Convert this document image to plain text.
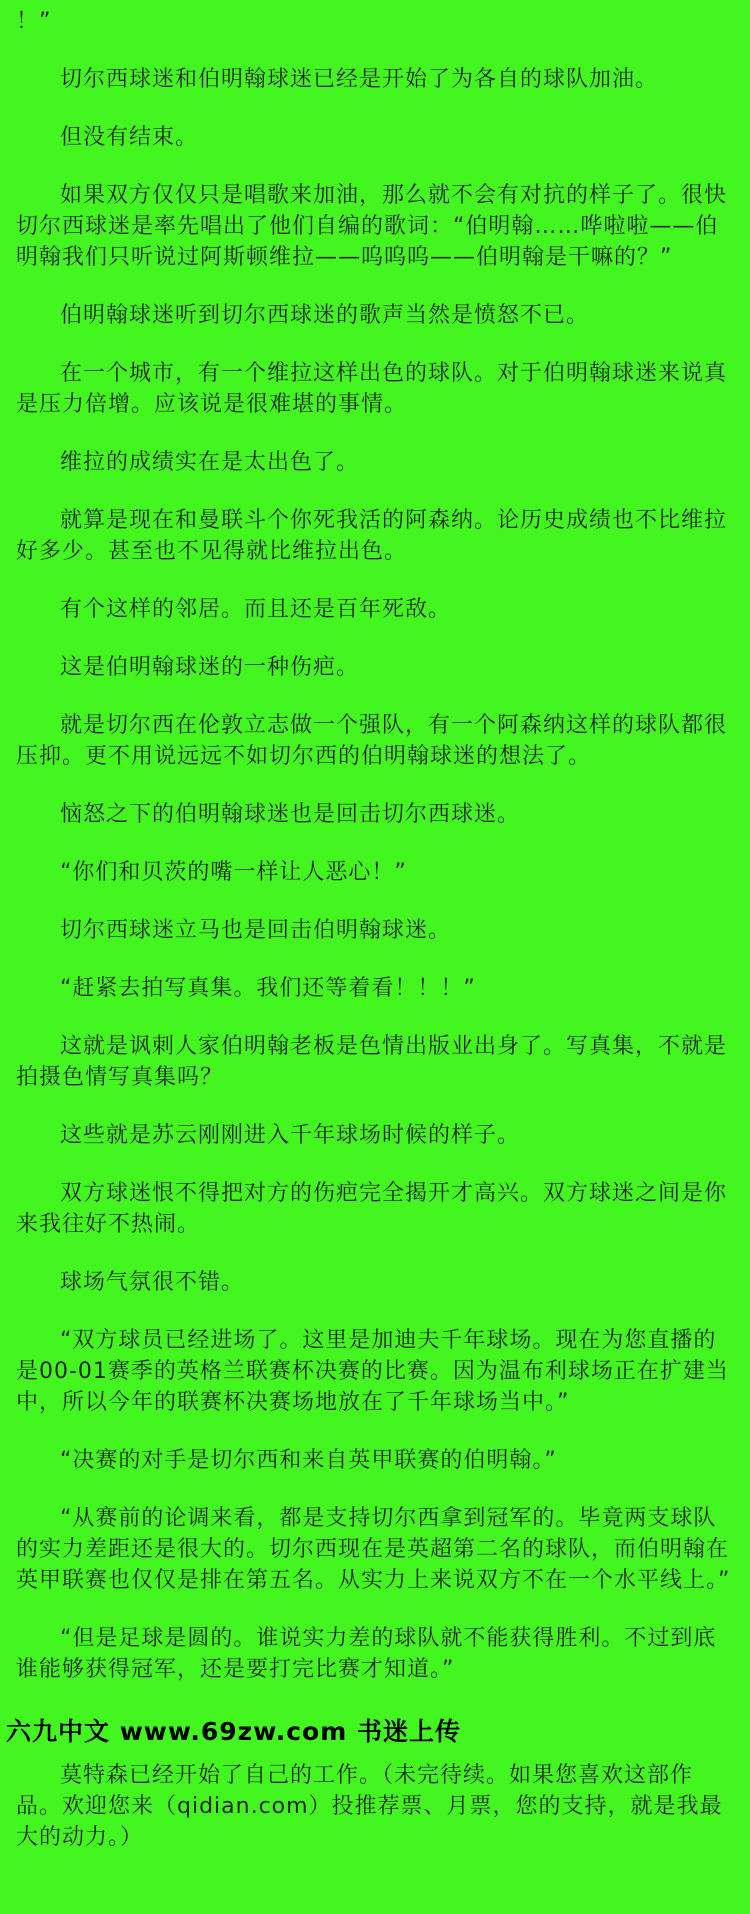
！”

切尔西球迷和伯明翰球迷已经是开始了为各自的球队加油。

但没有结束。

如果双方仅仅只是唱歌来加油，那么就不会有对抗的样子了。很快切尔西球迷是率先唱出了他们自编的歌词：“伯明翰……哗啦啦——伯明翰我们只听说过阿斯顿维拉——呜呜呜——伯明翰是干嘛的？”

伯明翰球迷听到切尔西球迷的歌声当然是愤怒不已。

在一个城市，有一个维拉这样出色的球队。对于伯明翰球迷来说真是压力倍增。应该说是很难堪的事情。

维拉的成绩实在是太出色了。

就算是现在和曼联斗个你死我活的阿森纳。论历史成绩也不比维拉好多少。甚至也不见得就比维拉出色。

有个这样的邻居。而且还是百年死敌。

这是伯明翰球迷的一种伤疤。

就是切尔西在伦敦立志做一个强队，有一个阿森纳这样的球队都很压抑。更不用说远远不如切尔西的伯明翰球迷的想法了。

恼怒之下的伯明翰球迷也是回击切尔西球迷。

“你们和贝茨的嘴一样让人恶心！”

切尔西球迷立马也是回击伯明翰球迷。

“赶紧去拍写真集。我们还等着看！！！”

这就是讽刺人家伯明翰老板是色情出版业出身了。写真集，不就是拍摄色情写真集吗？

这些就是苏云刚刚进入千年球场时候的样子。

双方球迷恨不得把对方的伤疤完全揭开才高兴。双方球迷之间是你来我往好不热闹。

球场气氛很不错。

“双方球员已经进场了。这里是加迪夫千年球场。现在为您直播的是00-01赛季的英格兰联赛杯决赛的比赛。因为温布利球场正在扩建当中，所以今年的联赛杯决赛场地放在了千年球场当中。”

“决赛的对手是切尔西和来自英甲联赛的伯明翰。”

“从赛前的论调来看，都是支持切尔西拿到冠军的。毕竟两支球队的实力差距还是很大的。切尔西现在是英超第二名的球队，而伯明翰在英甲联赛也仅仅是排在第五名。从实力上来说双方不在一个水平线上。”

“但是足球是圆的。谁说实力差的球队就不能获得胜利。不过到底谁能够获得冠军，还是要打完比赛才知道。”

六九中文 www.69zw.com 书迷上传

莫特森已经开始了自己的工作。（未完待续。如果您喜欢这部作品。欢迎您来（qidian.com）投推荐票、月票，您的支持，就是我最大的动力。）
